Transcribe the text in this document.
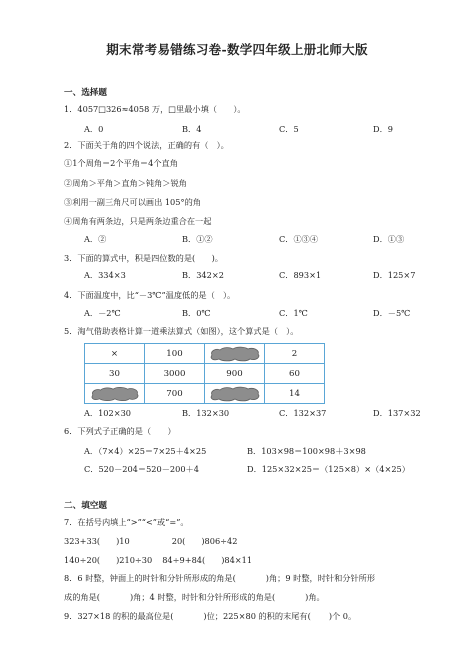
期末常考易错练习卷-数学四年级上册北师大版
一、选择题
1．4057□326≈4058 万，□里最小填（　　）。
A．0	B．4	C．5	D．9
2．下面关于角的四个说法，正确的有（　）。
①1个周角＝2个平角＝4个直角
②周角＞平角＞直角＞钝角＞锐角
③利用一副三角尺可以画出 105°的角
④周角有两条边，只是两条边重合在一起
A．②	B．①②	C．①③④	D．①③
3．下面的算式中，积是四位数的是(　　)。
A．334×3	B．342×2	C．893×1	D．125×7
4．下面温度中，比“－3℃”温度低的是（　）。
A．－2℃	B．0℃	C．1℃	D．－5℃
5．淘气借助表格计算一道乘法算式（如图），这个算式是（　）。
×	100		2
30	3000	900	60
	700		14
A．102×30	B．132×30	C．132×37	D．137×32
6．下列式子正确的是（　　）
A．（7×4）×25＝7×25＋4×25	B．103×98＝100×98＋3×98
C．520－204＝520－200＋4	D．125×32×25＝（125×8）×（4×25）
二、填空题
7．在括号内填上“>”“<”或“=”。
323+33( )10	20( )806÷42
140÷20( )210÷30 84÷9+84( )84×11
8．6 时整，钟面上的时针和分针所形成的角是(	)角；9 时整，时针和分针所形
成的角是(	)角；4 时整，时针和分针所形成的角是(	)角。
9．327×18 的积的最高位是(	)位；225×80 的积的末尾有( )个 0。
